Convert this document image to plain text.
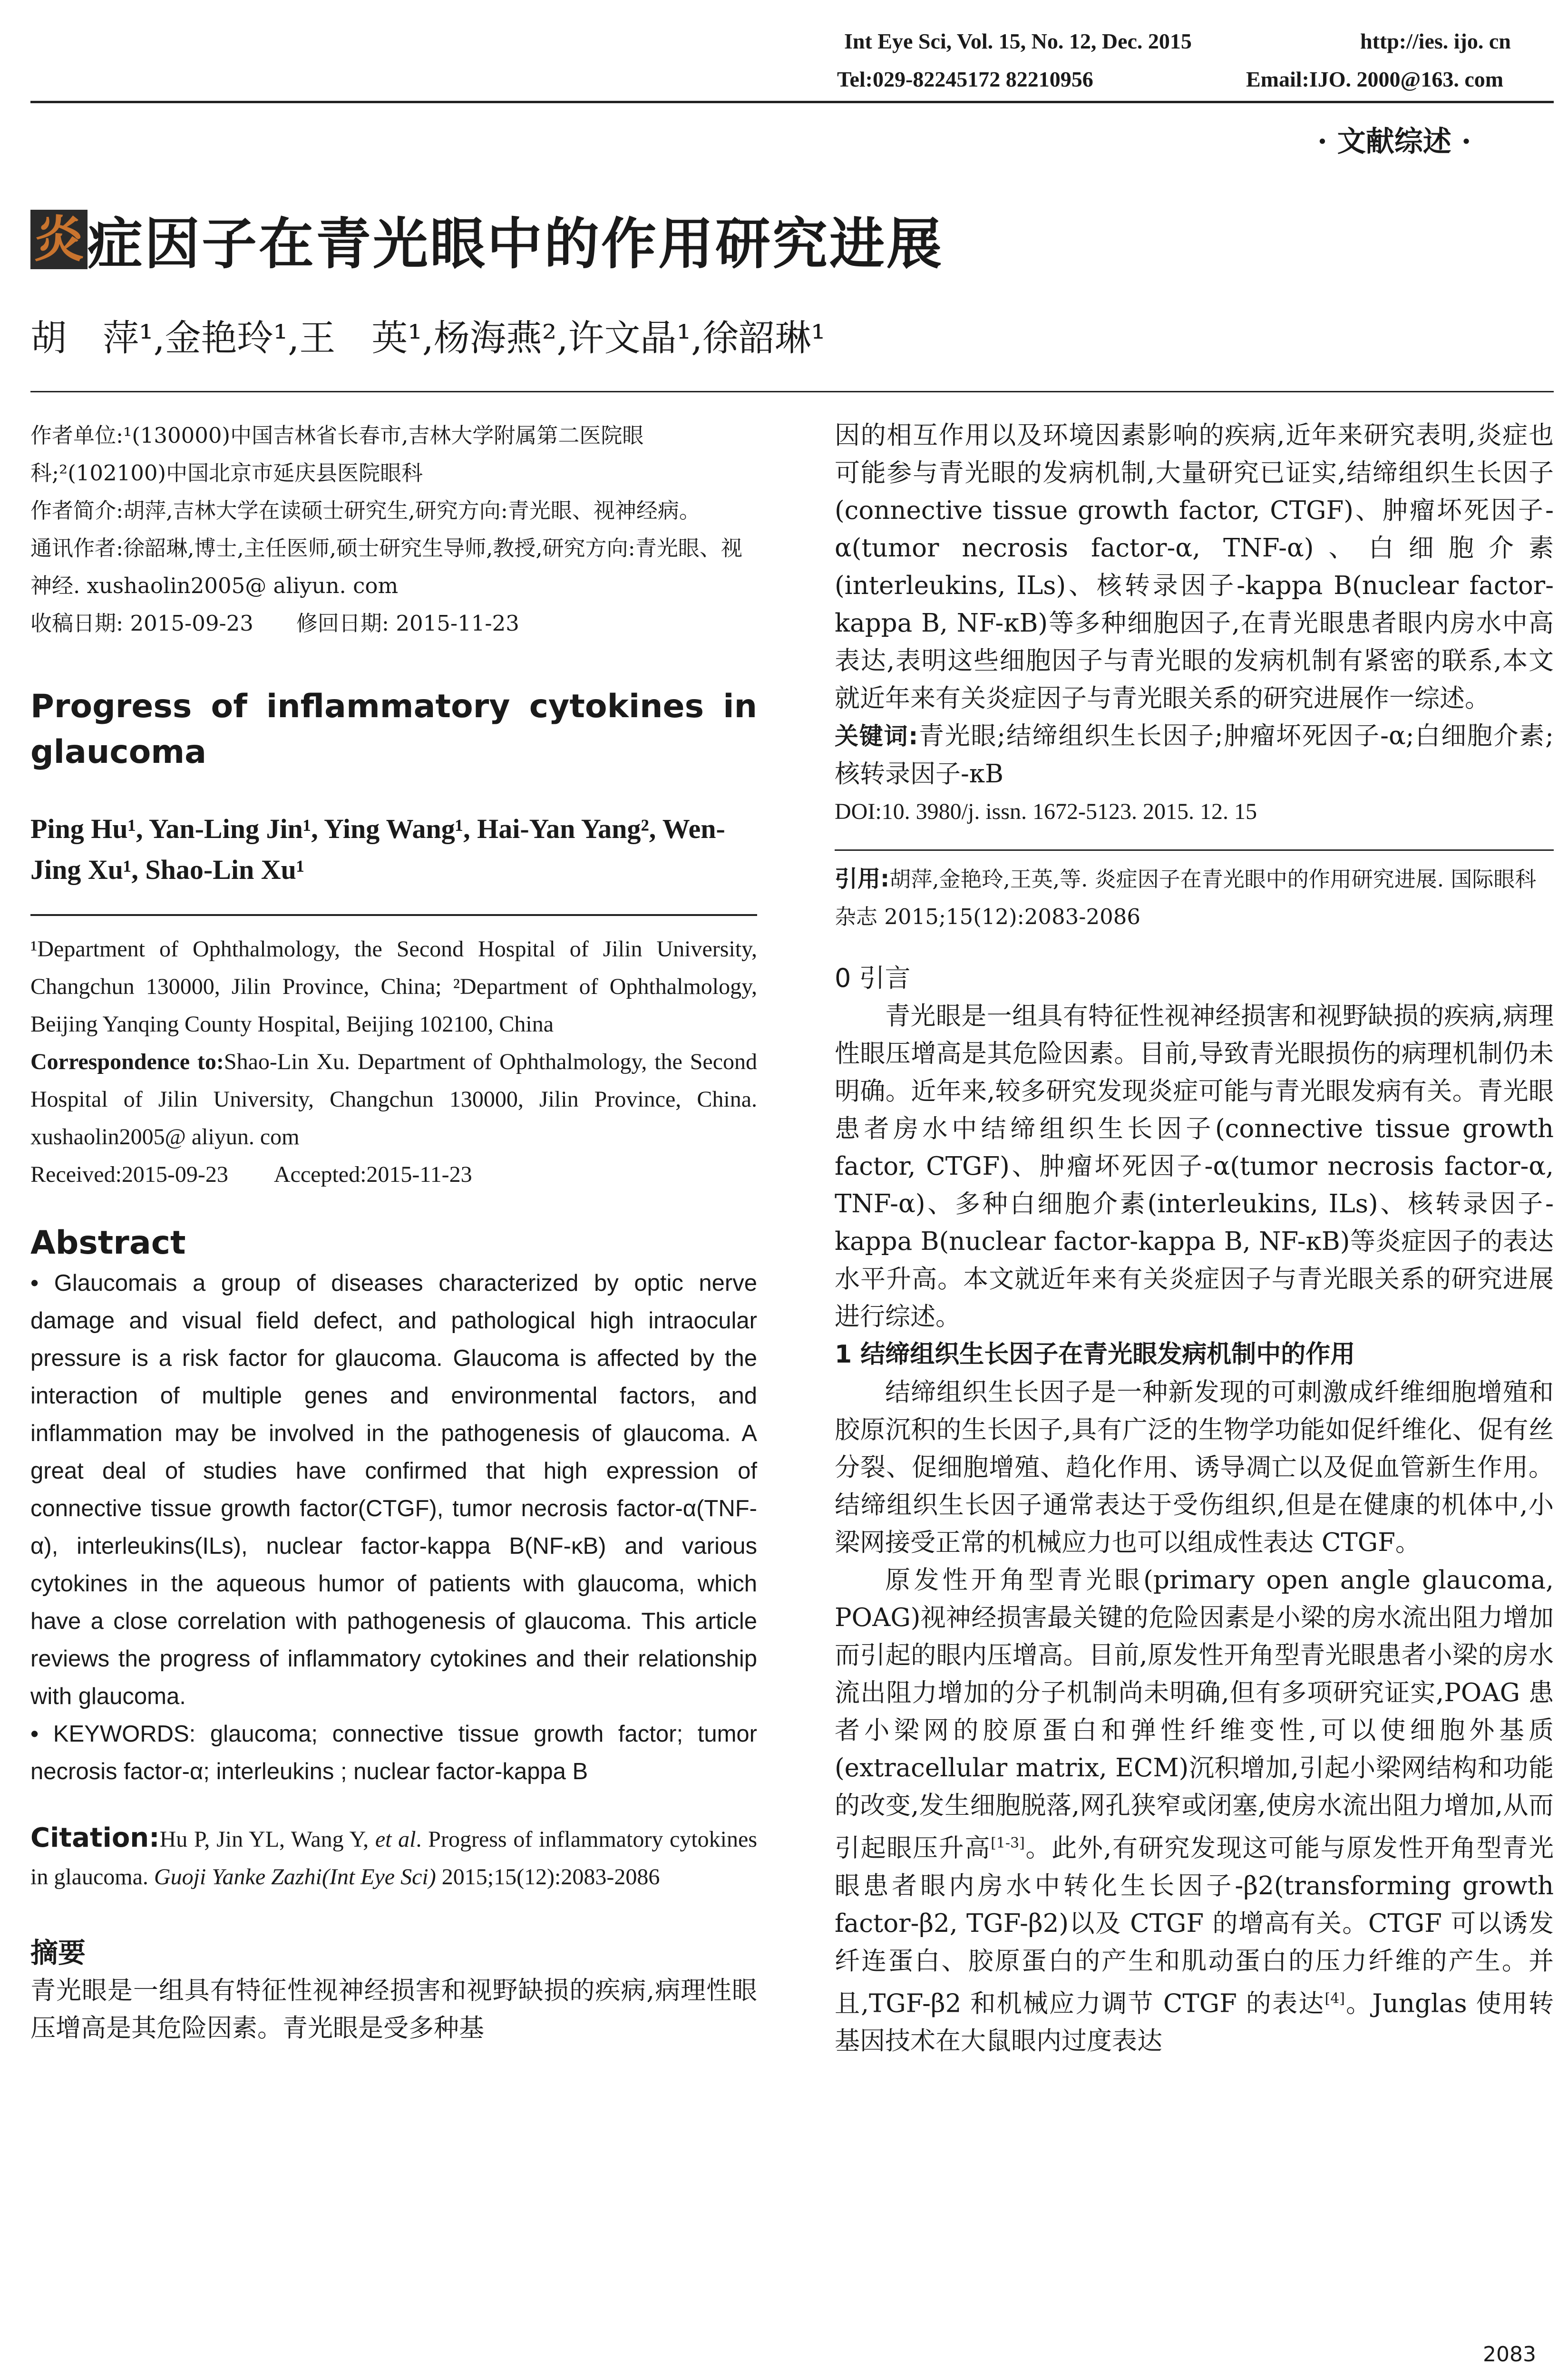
Int Eye Sci, Vol. 15, No. 12, Dec. 2015	http://ies. ijo. cn
Tel:029-82245172 82210956	Email:IJO. 2000@163. com
· 文献综述 ·
炎症因子在青光眼中的作用研究进展
胡　萍¹,金艳玲¹,王　英¹,杨海燕²,许文晶¹,徐韶琳¹

作者单位:¹(130000)中国吉林省长春市,吉林大学附属第二医院眼科;²(102100)中国北京市延庆县医院眼科

作者简介:胡萍,吉林大学在读硕士研究生,研究方向:青光眼、视神经病。

通讯作者:徐韶琳,博士,主任医师,硕士研究生导师,教授,研究方向:青光眼、视神经. xushaolin2005@ aliyun. com

收稿日期: 2015-09-23　　修回日期: 2015-11-23

Progress of inflammatory cytokines in glaucoma

Ping Hu¹, Yan-Ling Jin¹, Ying Wang¹, Hai-Yan Yang², Wen-Jing Xu¹, Shao-Lin Xu¹

¹Department of Ophthalmology, the Second Hospital of Jilin University, Changchun 130000, Jilin Province, China; ²Department of Ophthalmology, Beijing Yanqing County Hospital, Beijing 102100, China

Correspondence to:Shao-Lin Xu. Department of Ophthalmology, the Second Hospital of Jilin University, Changchun 130000, Jilin Province, China. xushaolin2005@ aliyun. com

Received:2015-09-23　　Accepted:2015-11-23

Abstract

• Glaucomais a group of diseases characterized by optic nerve damage and visual field defect, and pathological high intraocular pressure is a risk factor for glaucoma. Glaucoma is affected by the interaction of multiple genes and environmental factors, and inflammation may be involved in the pathogenesis of glaucoma. A great deal of studies have confirmed that high expression of connective tissue growth factor(CTGF), tumor necrosis factor-α(TNF-α), interleukins(ILs), nuclear factor-kappa B(NF-κB) and various cytokines in the aqueous humor of patients with glaucoma, which have a close correlation with pathogenesis of glaucoma. This article reviews the progress of inflammatory cytokines and their relationship with glaucoma.

• KEYWORDS: glaucoma; connective tissue growth factor; tumor necrosis factor-α; interleukins ; nuclear factor-kappa B

Citation:Hu P, Jin YL, Wang Y, et al. Progress of inflammatory cytokines in glaucoma. Guoji Yanke Zazhi(Int Eye Sci) 2015;15(12):2083-2086

摘要

青光眼是一组具有特征性视神经损害和视野缺损的疾病,病理性眼压增高是其危险因素。青光眼是受多种基

因的相互作用以及环境因素影响的疾病,近年来研究表明,炎症也可能参与青光眼的发病机制,大量研究已证实,结缔组织生长因子(connective tissue growth factor, CTGF)、肿瘤坏死因子-α(tumor necrosis factor-α, TNF-α)、白细胞介素(interleukins, ILs)、核转录因子-kappa B(nuclear factor-kappa B, NF-κB)等多种细胞因子,在青光眼患者眼内房水中高表达,表明这些细胞因子与青光眼的发病机制有紧密的联系,本文就近年来有关炎症因子与青光眼关系的研究进展作一综述。

关键词:青光眼;结缔组织生长因子;肿瘤坏死因子-α;白细胞介素;核转录因子-κB

DOI:10. 3980/j. issn. 1672-5123. 2015. 12. 15

引用:胡萍,金艳玲,王英,等. 炎症因子在青光眼中的作用研究进展. 国际眼科杂志 2015;15(12):2083-2086

0 引言

青光眼是一组具有特征性视神经损害和视野缺损的疾病,病理性眼压增高是其危险因素。目前,导致青光眼损伤的病理机制仍未明确。近年来,较多研究发现炎症可能与青光眼发病有关。青光眼患者房水中结缔组织生长因子(connective tissue growth factor, CTGF)、肿瘤坏死因子-α(tumor necrosis factor-α, TNF-α)、多种白细胞介素(interleukins, ILs)、核转录因子-kappa B(nuclear factor-kappa B, NF-κB)等炎症因子的表达水平升高。本文就近年来有关炎症因子与青光眼关系的研究进展进行综述。

1 结缔组织生长因子在青光眼发病机制中的作用

结缔组织生长因子是一种新发现的可刺激成纤维细胞增殖和胶原沉积的生长因子,具有广泛的生物学功能如促纤维化、促有丝分裂、促细胞增殖、趋化作用、诱导凋亡以及促血管新生作用。结缔组织生长因子通常表达于受伤组织,但是在健康的机体中,小梁网接受正常的机械应力也可以组成性表达 CTGF。

原发性开角型青光眼(primary open angle glaucoma, POAG)视神经损害最关键的危险因素是小梁的房水流出阻力增加而引起的眼内压增高。目前,原发性开角型青光眼患者小梁的房水流出阻力增加的分子机制尚未明确,但有多项研究证实,POAG 患者小梁网的胶原蛋白和弹性纤维变性,可以使细胞外基质(extracellular matrix, ECM)沉积增加,引起小梁网结构和功能的改变,发生细胞脱落,网孔狭窄或闭塞,使房水流出阻力增加,从而引起眼压升高[1-3]。此外,有研究发现这可能与原发性开角型青光眼患者眼内房水中转化生长因子-β2(transforming growth factor-β2, TGF-β2)以及 CTGF 的增高有关。CTGF 可以诱发纤连蛋白、胶原蛋白的产生和肌动蛋白的压力纤维的产生。并且,TGF-β2 和机械应力调节 CTGF 的表达[4]。Junglas 使用转基因技术在大鼠眼内过度表达

2083
